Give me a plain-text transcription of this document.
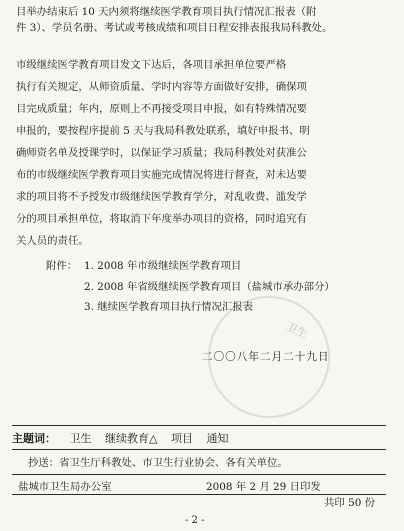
目举办结束后 10 天内须将继续医学教育项目执行情况汇报表（附
件 3）、学员名册、考试或考核成绩和项目日程安排表报我局科教处。
市级继续医学教育项目发文下达后，各项目承担单位要严格
执行有关规定，从师资质量、学时内容等方面做好安排，确保项
目完成质量；年内，原则上不再接受项目申报，如有特殊情况要
申报的，要按程序提前 5 天与我局科教处联系，填好申报书、明
确师资名单及授课学时，以保证学习质量；我局科教处对获准公
布的市级继续医学教育项目实施完成情况将进行督查，对未达要
求的项目将不予授发市级继续医学教育学分，对乱收费、滥发学
分的项目承担单位，将取消下年度举办项目的资格，同时追究有
关人员的责任。
附件： 1. 2008 年市级继续医学教育项目
2. 2008 年省级继续医学教育项目（盐城市承办部分）
3. 继续医学教育项目执行情况汇报表
卫生
二〇〇八年二月二十九日
主题词： 卫生 继续教育△ 项目 通知
抄送：省卫生厅科教处、市卫生行业协会、各有关单位。
盐城市卫生局办公室	2008 年 2 月 29 日印发
共印 50 份
- 2 -
